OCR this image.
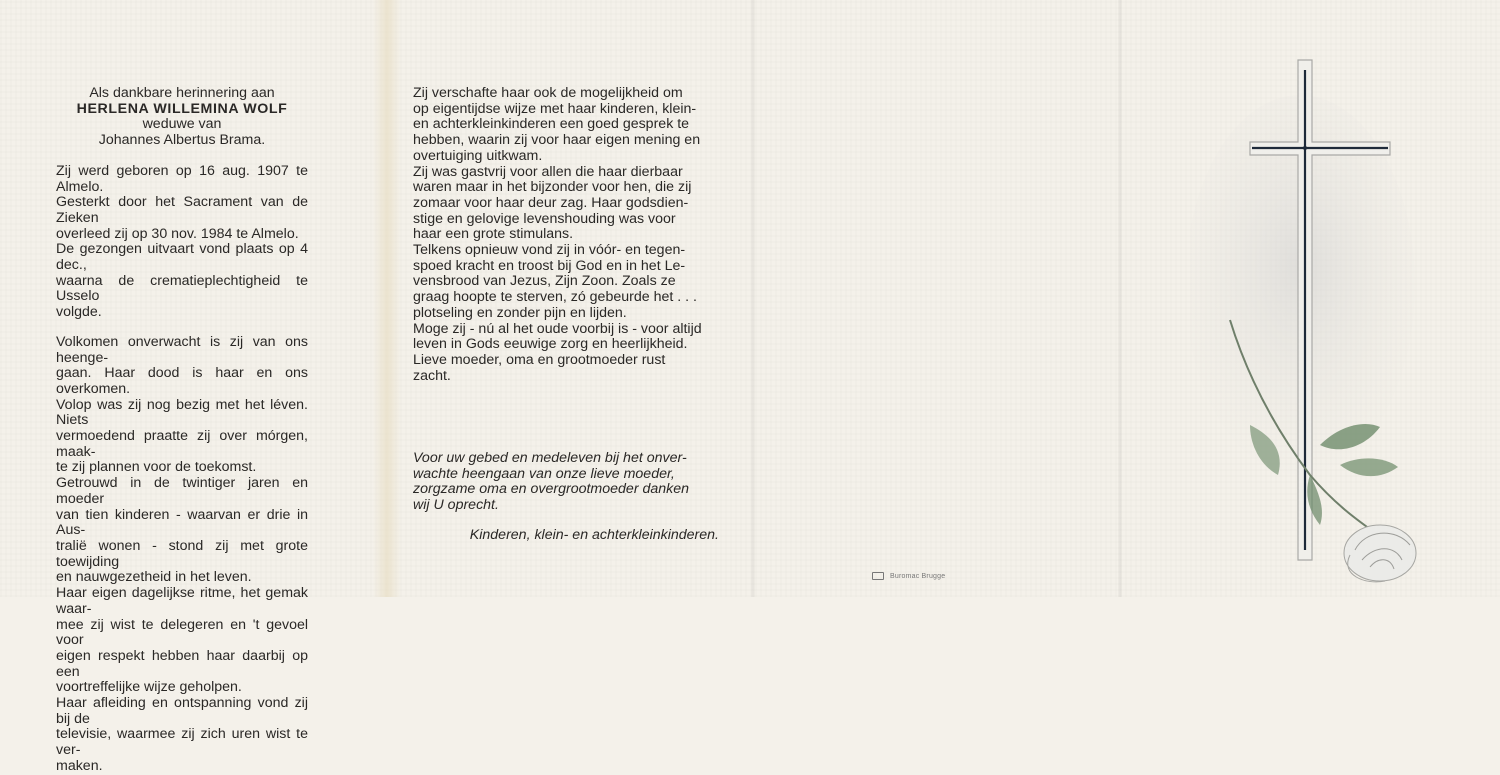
Als dankbare herinnering aan
HERLENA WILLEMINA WOLF
weduwe van
Johannes Albertus Brama.

Zij werd geboren op 16 aug. 1907 te Almelo.

Gesterkt door het Sacrament van de Zieken

overleed zij op 30 nov. 1984 te Almelo.

De gezongen uitvaart vond plaats op 4 dec.,

waarna de crematieplechtigheid te Usselo

volgde.

Volkomen onverwacht is zij van ons heenge-

gaan. Haar dood is haar en ons overkomen.

Volop was zij nog bezig met het léven. Niets

vermoedend praatte zij over mórgen, maak-

te zij plannen voor de toekomst.

Getrouwd in de twintiger jaren en moeder

van tien kinderen - waarvan er drie in Aus-

tralië wonen - stond zij met grote toewijding

en nauwgezetheid in het leven.

Haar eigen dagelijkse ritme, het gemak waar-

mee zij wist te delegeren en 't gevoel voor

eigen respekt hebben haar daarbij op een

voortreffelijke wijze geholpen.

Haar afleiding en ontspanning vond zij bij de

televisie, waarmee zij zich uren wist te ver-

maken.

Zij verschafte haar ook de mogelijkheid om

op eigentijdse wijze met haar kinderen, klein-

en achterkleinkinderen een goed gesprek te

hebben, waarin zij voor haar eigen mening en

overtuiging uitkwam.

Zij was gastvrij voor allen die haar dierbaar

waren maar in het bijzonder voor hen, die zij

zomaar voor haar deur zag. Haar godsdien-

stige en gelovige levenshouding was voor

haar een grote stimulans.

Telkens opnieuw vond zij in vóór- en tegen-

spoed kracht en troost bij God en in het Le-

vensbrood van Jezus, Zijn Zoon. Zoals ze

graag hoopte te sterven, zó gebeurde het . . .

plotseling en zonder pijn en lijden.

Moge zij - nú al het oude voorbij is - voor altijd

leven in Gods eeuwige zorg en heerlijkheid.

Lieve moeder, oma en grootmoeder rust

zacht.

Voor uw gebed en medeleven bij het onver-

wachte heengaan van onze lieve moeder,

zorgzame oma en overgrootmoeder danken

wij U oprecht.

Kinderen, klein- en achterkleinkinderen.
Buromac Brugge
